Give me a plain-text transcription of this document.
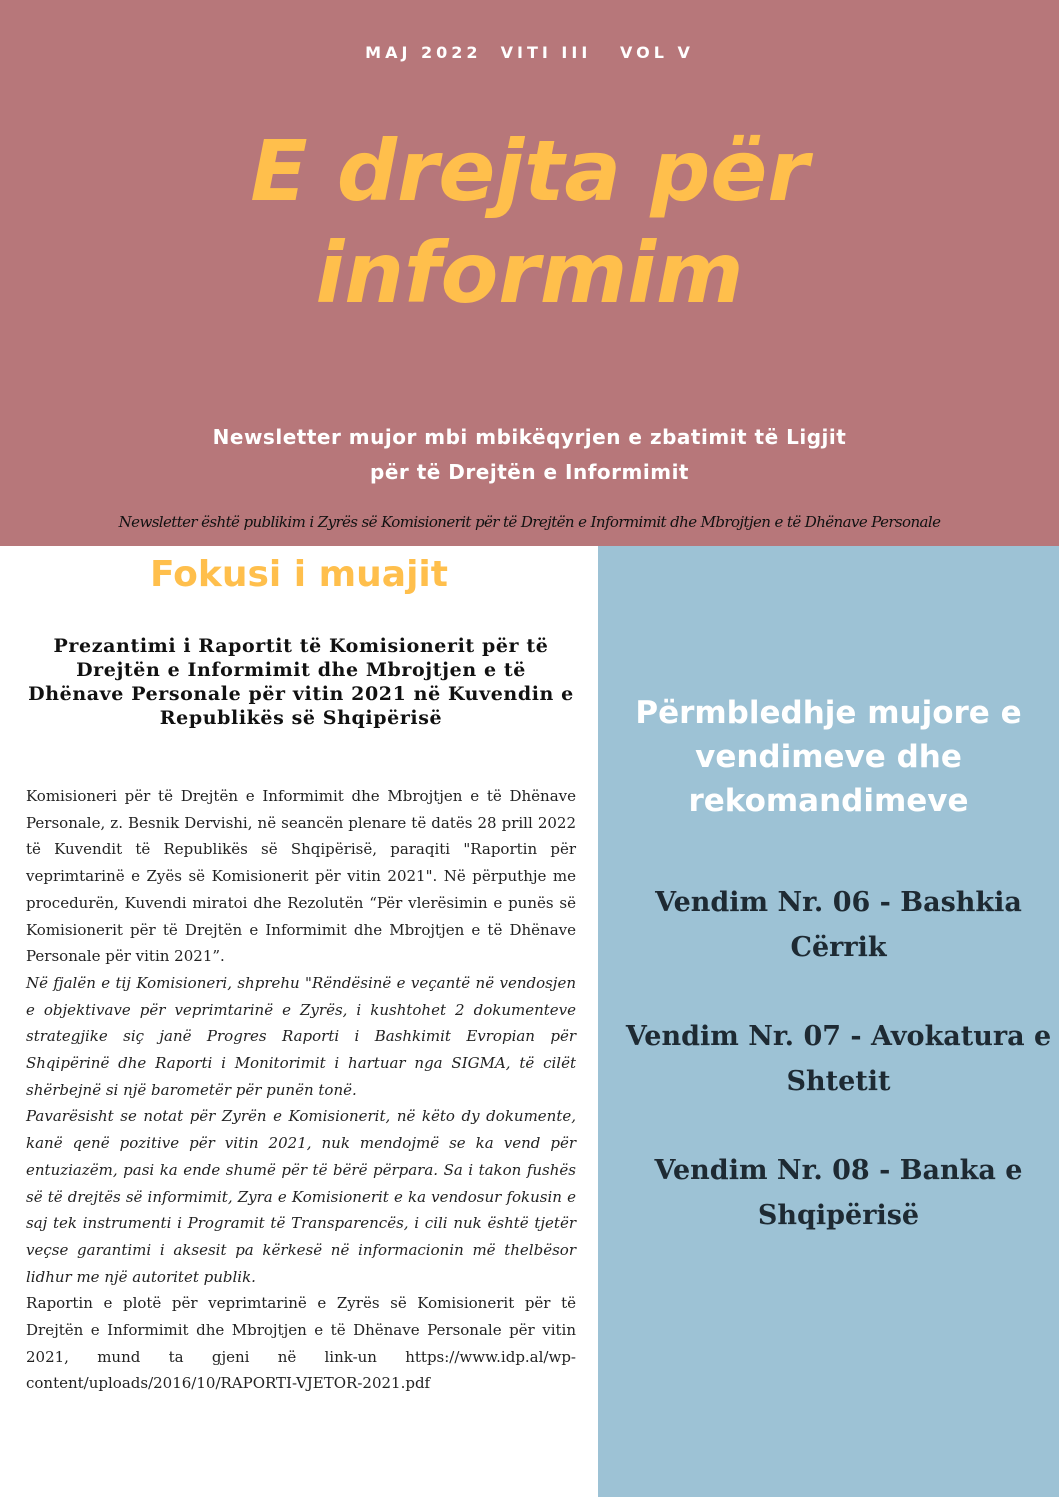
MAJ 2022  VITI III   VOL V
E drejta për
informim
Newsletter mujor mbi mbikëqyrjen e zbatimit të Ligjit
për të Drejtën e Informimit
Newsletter është publikim i Zyrës së Komisionerit për të Drejtën e Informimit dhe Mbrojtjen e të Dhënave Personale
Fokusi i muajit
Prezantimi i Raportit të Komisionerit për të Drejtën e Informimit dhe Mbrojtjen e të Dhënave Personale për vitin 2021 në Kuvendin e Republikës së Shqipërisë

Komisioneri për të Drejtën e Informimit dhe Mbrojtjen e të Dhënave Personale, z. Besnik Dervishi, në seancën plenare të datës 28 prill 2022 të Kuvendit të Republikës së Shqipërisë, paraqiti "Raportin për veprimtarinë e Zyës së Komisionerit për vitin 2021". Në përputhje me procedurën, Kuvendi miratoi dhe Rezolutën “Për vlerësimin e punës së Komisionerit për të Drejtën e Informimit dhe Mbrojtjen e të Dhënave Personale për vitin 2021”.

Në fjalën e tij Komisioneri, shprehu "Rëndësinë e veçantë në vendosjen e objektivave për veprimtarinë e Zyrës, i kushtohet 2 dokumenteve strategjike siç janë Progres Raporti i Bashkimit Evropian për Shqipërinë dhe Raporti i Monitorimit i hartuar nga SIGMA, të cilët shërbejnë si një barometër për punën tonë.

Pavarësisht se notat për Zyrën e Komisionerit, në këto dy dokumente, kanë qenë pozitive për vitin 2021, nuk mendojmë se ka vend për entuziazëm, pasi ka ende shumë për të bërë përpara. Sa i takon fushës së të drejtës së informimit, Zyra e Komisionerit e ka vendosur fokusin e saj tek instrumenti i Programit të Transparencës, i cili nuk është tjetër veçse garantimi i aksesit pa kërkesë në informacionin më thelbësor lidhur me një autoritet publik.

Raportin e plotë për veprimtarinë e Zyrës së Komisionerit për të Drejtën e Informimit dhe Mbrojtjen e të Dhënave Personale për vitin 2021, mund ta gjeni në link-un https://www.idp.al/wp-content/uploads/2016/10/RAPORTI-VJETOR-2021.pdf

Përmbledhje mujore e vendimeve dhe rekomandimeve
Vendim Nr. 06 - Bashkia Cërrik
Vendim Nr. 07 - Avokatura e Shtetit
Vendim Nr. 08 - Banka e Shqipërisë
